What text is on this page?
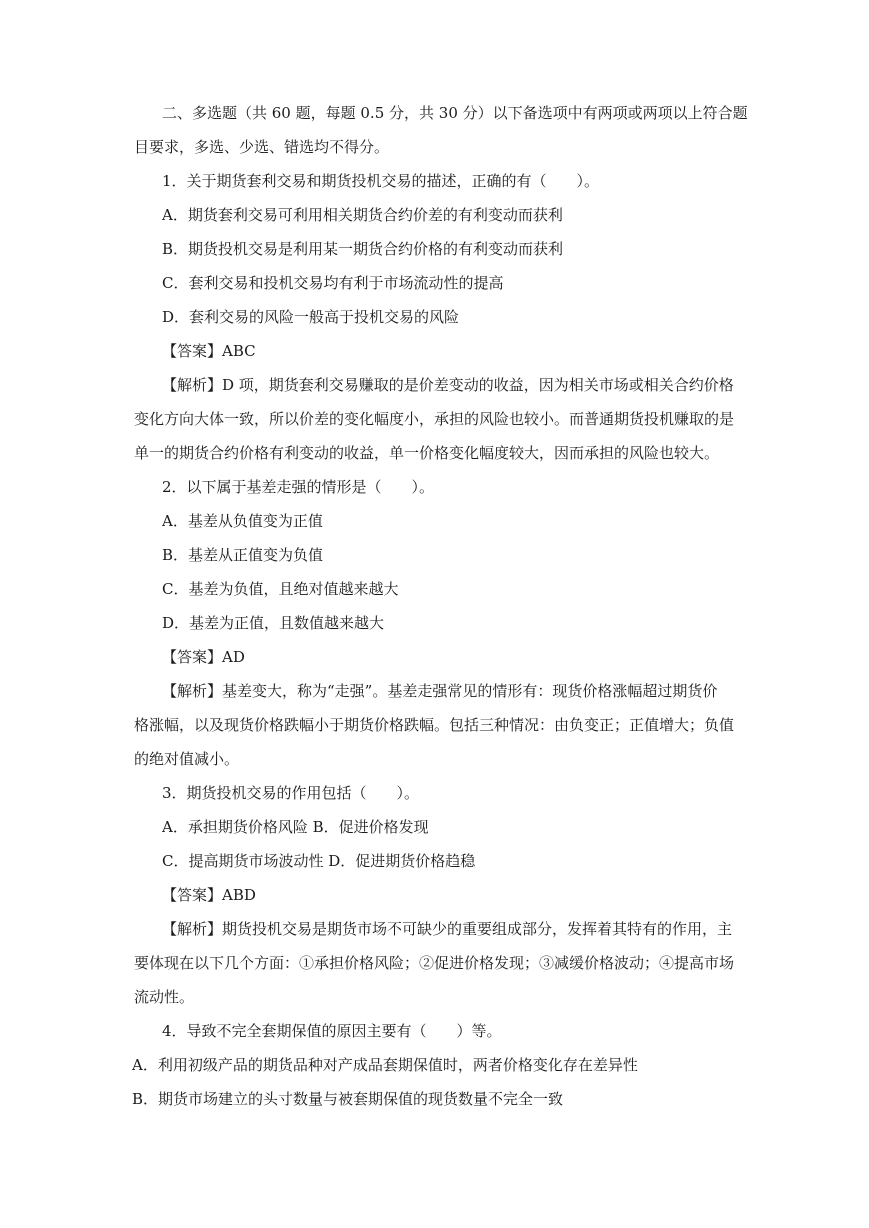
二、多选题（共 60 题，每题 0.5 分，共 30 分）以下备选项中有两项或两项以上符合题
目要求，多选、少选、错选均不得分。
1．关于期货套利交易和期货投机交易的描述，正确的有（　　）。
A．期货套利交易可利用相关期货合约价差的有利变动而获利
B．期货投机交易是利用某一期货合约价格的有利变动而获利
C．套利交易和投机交易均有利于市场流动性的提高
D．套利交易的风险一般高于投机交易的风险
【答案】ABC
【解析】D 项，期货套利交易赚取的是价差变动的收益，因为相关市场或相关合约价格
变化方向大体一致，所以价差的变化幅度小，承担的风险也较小。而普通期货投机赚取的是
单一的期货合约价格有利变动的收益，单一价格变化幅度较大，因而承担的风险也较大。
2．以下属于基差走强的情形是（　　）。
A．基差从负值变为正值
B．基差从正值变为负值
C．基差为负值，且绝对值越来越大
D．基差为正值，且数值越来越大
【答案】AD
【解析】基差变大，称为“走强”。基差走强常见的情形有：现货价格涨幅超过期货价
格涨幅，以及现货价格跌幅小于期货价格跌幅。包括三种情况：由负变正；正值增大；负值
的绝对值减小。
3．期货投机交易的作用包括（　　）。
A．承担期货价格风险 B．促进价格发现
C．提高期货市场波动性 D．促进期货价格趋稳
【答案】ABD
【解析】期货投机交易是期货市场不可缺少的重要组成部分，发挥着其特有的作用，主
要体现在以下几个方面：①承担价格风险；②促进价格发现；③减缓价格波动；④提高市场
流动性。
4．导致不完全套期保值的原因主要有（　　）等。
A．利用初级产品的期货品种对产成品套期保值时，两者价格变化存在差异性
B．期货市场建立的头寸数量与被套期保值的现货数量不完全一致
